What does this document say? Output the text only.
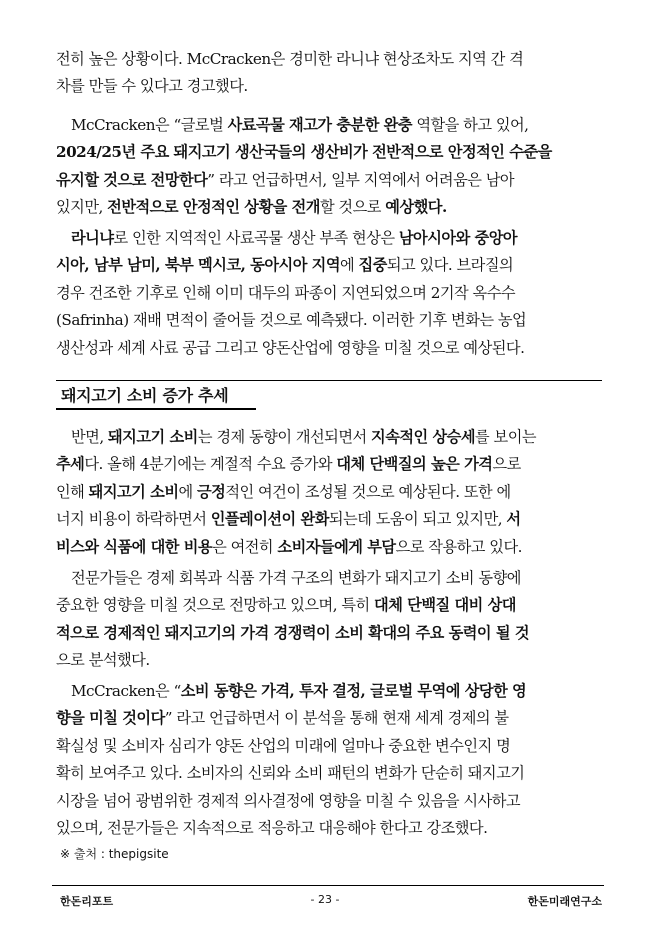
전히 높은 상황이다. McCracken은 경미한 라니냐 현상조차도 지역 간 격

차를 만들 수 있다고 경고했다.

McCracken은 “글로벌 사료곡물 재고가 충분한 완충 역할을 하고 있어,

2024/25년 주요 돼지고기 생산국들의 생산비가 전반적으로 안정적인 수준을

유지할 것으로 전망한다” 라고 언급하면서, 일부 지역에서 어려움은 남아

있지만, 전반적으로 안정적인 상황을 전개할 것으로 예상했다.

라니냐로 인한 지역적인 사료곡물 생산 부족 현상은 남아시아와 중앙아

시아, 남부 남미, 북부 멕시코, 동아시아 지역에 집중되고 있다. 브라질의

경우 건조한 기후로 인해 이미 대두의 파종이 지연되었으며 2기작 옥수수

(Safrinha) 재배 면적이 줄어들 것으로 예측됐다. 이러한 기후 변화는 농업

생산성과 세계 사료 공급 그리고 양돈산업에 영향을 미칠 것으로 예상된다.

돼지고기 소비 증가 추세

반면, 돼지고기 소비는 경제 동향이 개선되면서 지속적인 상승세를 보이는

추세다. 올해 4분기에는 계절적 수요 증가와 대체 단백질의 높은 가격으로

인해 돼지고기 소비에 긍정적인 여건이 조성될 것으로 예상된다. 또한 에

너지 비용이 하락하면서 인플레이션이 완화되는데 도움이 되고 있지만, 서

비스와 식품에 대한 비용은 여전히 소비자들에게 부담으로 작용하고 있다.

전문가들은 경제 회복과 식품 가격 구조의 변화가 돼지고기 소비 동향에

중요한 영향을 미칠 것으로 전망하고 있으며, 특히 대체 단백질 대비 상대

적으로 경제적인 돼지고기의 가격 경쟁력이 소비 확대의 주요 동력이 될 것

으로 분석했다.

McCracken은 “소비 동향은 가격, 투자 결정, 글로벌 무역에 상당한 영

향을 미칠 것이다” 라고 언급하면서 이 분석을 통해 현재 세계 경제의 불

확실성 및 소비자 심리가 양돈 산업의 미래에 얼마나 중요한 변수인지 명

확히 보여주고 있다. 소비자의 신뢰와 소비 패턴의 변화가 단순히 돼지고기

시장을 넘어 광범위한 경제적 의사결정에 영향을 미칠 수 있음을 시사하고

있으며, 전문가들은 지속적으로 적응하고 대응해야 한다고 강조했다.

※ 출처 : thepigsite
한돈리포트	- 23 -	한돈미래연구소
